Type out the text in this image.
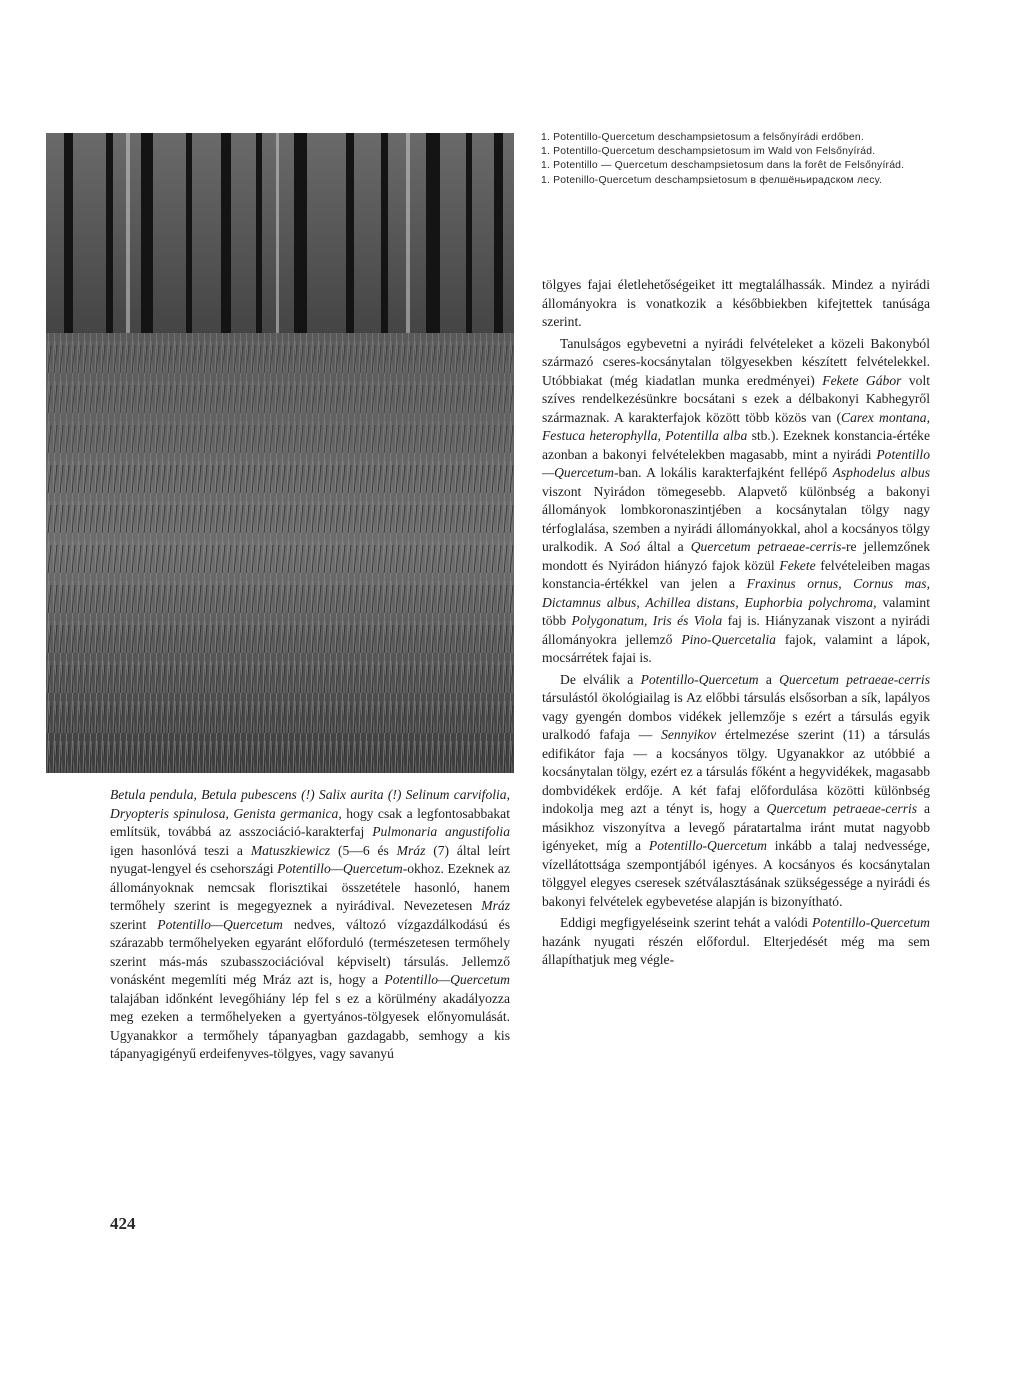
1. Potentillo-Quercetum deschampsietosum a felsőnyírádi erdőben.

1. Potentillo-Quercetum deschampsietosum im Wald von Felsőnyírád.

1. Potentillo — Quercetum deschampsietosum dans la forêt de Felsőnyírád.

1. Potenillo-Quercetum deschampsietosum в фелшёньирадском лесу.

Betula pendula, Betula pubescens (!) Salix aurita (!) Selinum carvifolia, Dryopteris spinulosa, Genista germanica, hogy csak a legfontosabbakat említsük, továbbá az asszociáció-karakterfaj Pulmonaria angustifolia igen hasonlóvá teszi a Matuszkiewicz (5—6 és Mráz (7) által leírt nyugat-lengyel és csehországi Potentillo—Quercetum-okhoz. Ezeknek az állományoknak nemcsak florisztikai összetétele hasonló, hanem termőhely szerint is megegyeznek a nyirádival. Nevezetesen Mráz szerint Potentillo—Quercetum nedves, változó vízgazdálkodású és szárazabb termőhelyeken egyaránt előforduló (természetesen termőhely szerint más-más szubasszociációval képviselt) társulás. Jellemző vonásként megemlíti még Mráz azt is, hogy a Potentillo—Quercetum talajában időnként levegőhiány lép fel s ez a körülmény akadályozza meg ezeken a termőhelyeken a gyertyános-tölgyesek előnyomulását. Ugyanakkor a termőhely tápanyagban gazdagabb, semhogy a kis tápanyagigényű erdeifenyves-tölgyes, vagy savanyú

tölgyes fajai életlehetőségeiket itt megtalálhassák. Mindez a nyirádi állományokra is vonatkozik a későbbiekben kifejtettek tanúsága szerint.

Tanulságos egybevetni a nyirádi felvételeket a közeli Bakonyból származó cseres-kocsánytalan tölgyesekben készített felvételekkel. Utóbbiakat (még kiadatlan munka eredményei) Fekete Gábor volt szíves rendelkezésünkre bocsátani s ezek a délbakonyi Kabhegyről származnak. A karakterfajok között több közös van (Carex montana, Festuca heterophylla, Potentilla alba stb.). Ezeknek konstancia-értéke azonban a bakonyi felvételekben magasabb, mint a nyirádi Potentillo—Quercetum-ban. A lokális karakterfajként fellépő Asphodelus albus viszont Nyirádon tömegesebb. Alapvető különbség a bakonyi állományok lombkoronaszintjében a kocsánytalan tölgy nagy térfoglalása, szemben a nyirádi állományokkal, ahol a kocsányos tölgy uralkodik. A Soó által a Quercetum petraeae-cerris-re jellemzőnek mondott és Nyirádon hiányzó fajok közül Fekete felvételeiben magas konstancia-értékkel van jelen a Fraxinus ornus, Cornus mas, Dictamnus albus, Achillea distans, Euphorbia polychroma, valamint több Polygonatum, Iris és Viola faj is. Hiányzanak viszont a nyirádi állományokra jellemző Pino-Quercetalia fajok, valamint a lápok, mocsárrétek fajai is.

De elválik a Potentillo-Quercetum a Quercetum petraeae-cerris társulástól ökológiailag is Az előbbi társulás elsősorban a sík, lapályos vagy gyengén dombos vidékek jellemzője s ezért a társulás egyik uralkodó fafaja — Sennyikov értelmezése szerint (11) a társulás edifikátor faja — a kocsányos tölgy. Ugyanakkor az utóbbié a kocsánytalan tölgy, ezért ez a társulás főként a hegyvidékek, magasabb dombvidékek erdője. A két fafaj előfordulása közötti különbség indokolja meg azt a tényt is, hogy a Quercetum petraeae-cerris a másikhoz viszonyítva a levegő páratartalma iránt mutat nagyobb igényeket, míg a Potentillo-Quercetum inkább a talaj nedvessége, vízellátottsága szempontjából igényes. A kocsányos és kocsánytalan tölggyel elegyes cseresek szétválasztásának szükségessége a nyirádi és bakonyi felvételek egybevetése alapján is bizonyítható.

Eddigi megfigyeléseink szerint tehát a valódi Potentillo-Quercetum hazánk nyugati részén előfordul. Elterjedését még ma sem állapíthatjuk meg végle-

424
